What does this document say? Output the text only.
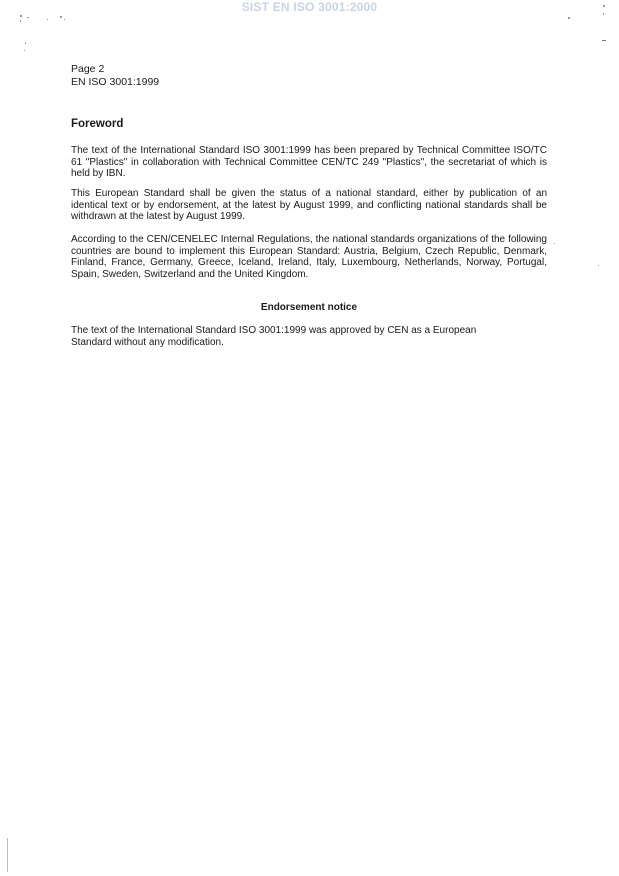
SIST EN ISO 3001:2000
Page 2
EN ISO 3001:1999
Foreword
The text of the International Standard ISO 3001:1999 has been prepared by Technical Committee ISO/TC 61 "Plastics" in collaboration with Technical Committee CEN/TC 249 "Plastics", the secretariat of which is held by IBN.
This European Standard shall be given the status of a national standard, either by publication of an identical text or by endorsement, at the latest by August 1999, and conflicting national standards shall be withdrawn at the latest by August 1999.
According to the CEN/CENELEC Internal Regulations, the national standards organizations of the following countries are bound to implement this European Standard: Austria, Belgium, Czech Republic, Denmark, Finland, France, Germany, Greece, Iceland, Ireland, Italy, Luxembourg, Netherlands, Norway, Portugal, Spain, Sweden, Switzerland and the United Kingdom.
Endorsement notice
The text of the International Standard ISO 3001:1999 was approved by CEN as a European Standard without any modification.
